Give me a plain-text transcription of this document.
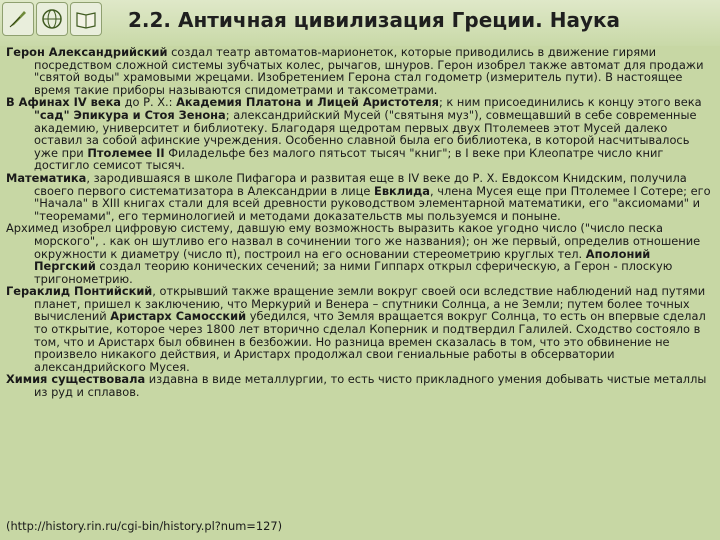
2.2. Античная цивилизация Греции. Наука

Герон Александрийский создал театр автоматов-марионеток, которые приводились в движение гирями посредством сложной системы зубчатых колес, рычагов, шнуров. Герон изобрел также автомат для продажи "святой воды" храмовыми жрецами. Изобретением Герона стал годометр (измеритель пути). В настоящее время такие приборы называются спидометрами и таксометрами.

В Афинах IV века до Р. Х.: Академия Платона и Лицей Аристотеля; к ним присоединились к концу этого века "сад" Эпикура и Стоя Зенона; александрийский Мусей ("святыня муз"), совмещавший в себе современные академию, университет и библиотеку. Благодаря щедротам первых двух Птолемеев этот Мусей далеко оставил за собой афинские учреждения. Особенно славной была его библиотека, в которой насчитывалось уже при Птолемее II Филадельфе без малого пятьсот тысяч "книг"; в I веке при Клеопатре число книг достигло семисот тысяч.

Математика, зародившаяся в школе Пифагора и развитая еще в IV веке до Р. Х. Евдоксом Книдским, получила своего первого систематизатора в Александрии в лице Евклида, члена Мусея еще при Птолемее I Сотере; его "Начала" в XIII книгах стали для всей древности руководством элементарной математики, его "аксиомами" и "теоремами", его терминологией и методами доказательств мы пользуемся и поныне.

Архимед изобрел цифровую систему, давшую ему возможность выразить какое угодно число ("число песка морского", . как он шутливо его назвал в сочинении того же названия); он же первый, определив отношение окружности к диаметру (число π), построил на его основании стереометрию круглых тел. Аполоний Пергский создал теорию конических сечений; за ними Гиппарх открыл сферическую, а Герон - плоскую тригонометрию.

Гераклид Понтийский, открывший также вращение земли вокруг своей оси вследствие наблюдений над путями планет, пришел к заключению, что Меркурий и Венера – спутники Солнца, а не Земли; путем более точных вычислений Аристарх Самосский убедился, что Земля вращается вокруг Солнца, то есть он впервые сделал то открытие, которое через 1800 лет вторично сделал Коперник и подтвердил Галилей. Сходство состояло в том, что и Аристарх был обвинен в безбожии. Но разница времен сказалась в том, что это обвинение не произвело никакого действия, и Аристарх продолжал свои гениальные работы в обсерватории александрийского Мусея.

Химия существовала издавна в виде металлургии, то есть чисто прикладного умения добывать чистые металлы из руд и сплавов.

(http://history.rin.ru/cgi-bin/history.pl?num=127)
